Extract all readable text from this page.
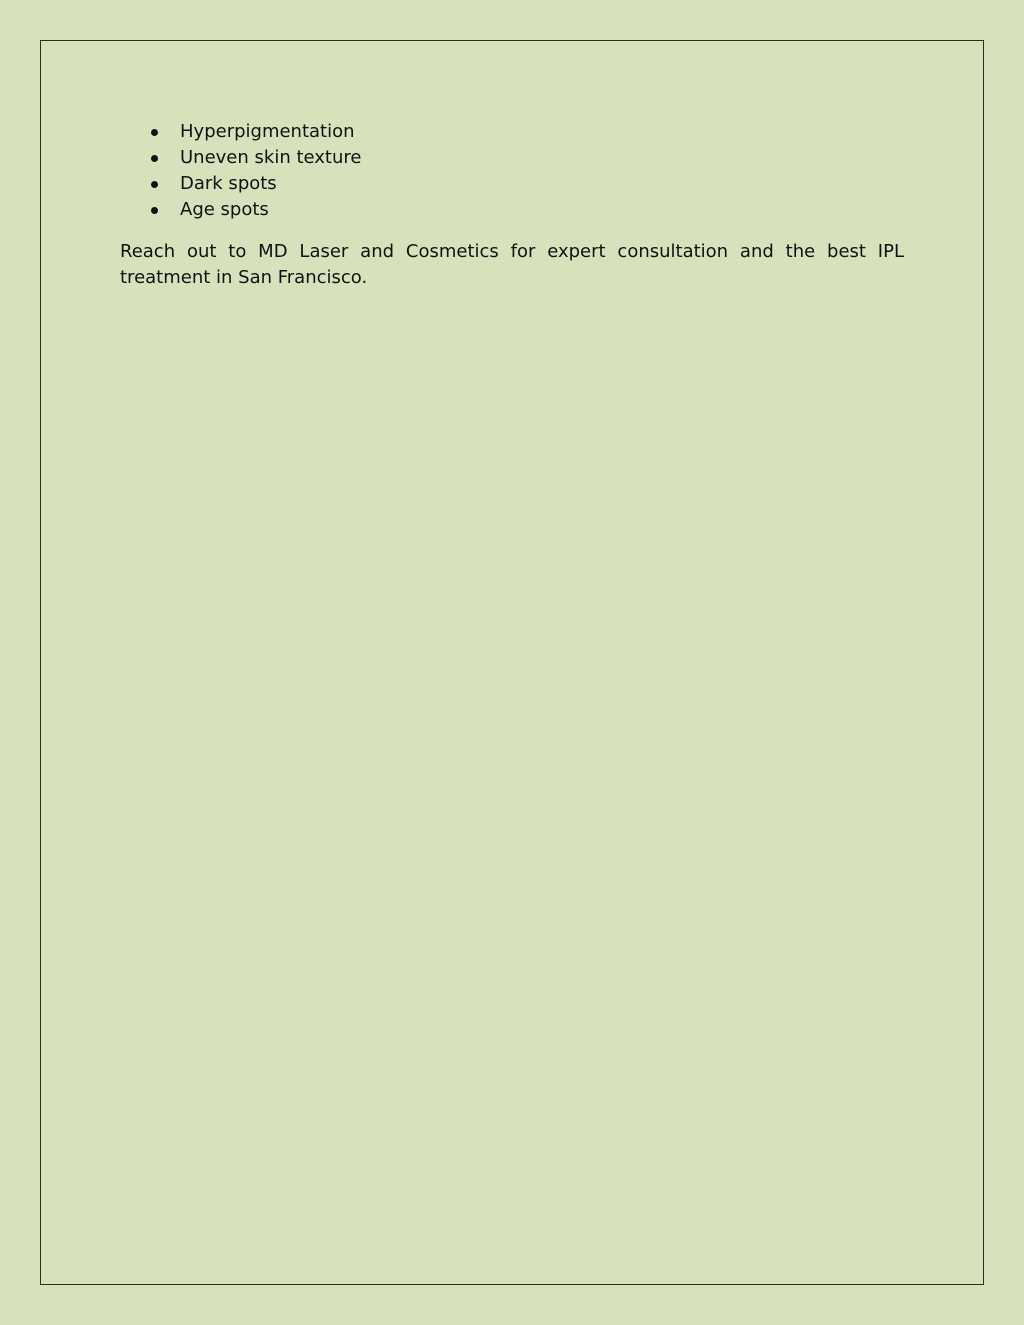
Hyperpigmentation
Uneven skin texture
Dark spots
Age spots

Reach out to MD Laser and Cosmetics for expert consultation and the best IPL treatment in San Francisco.
